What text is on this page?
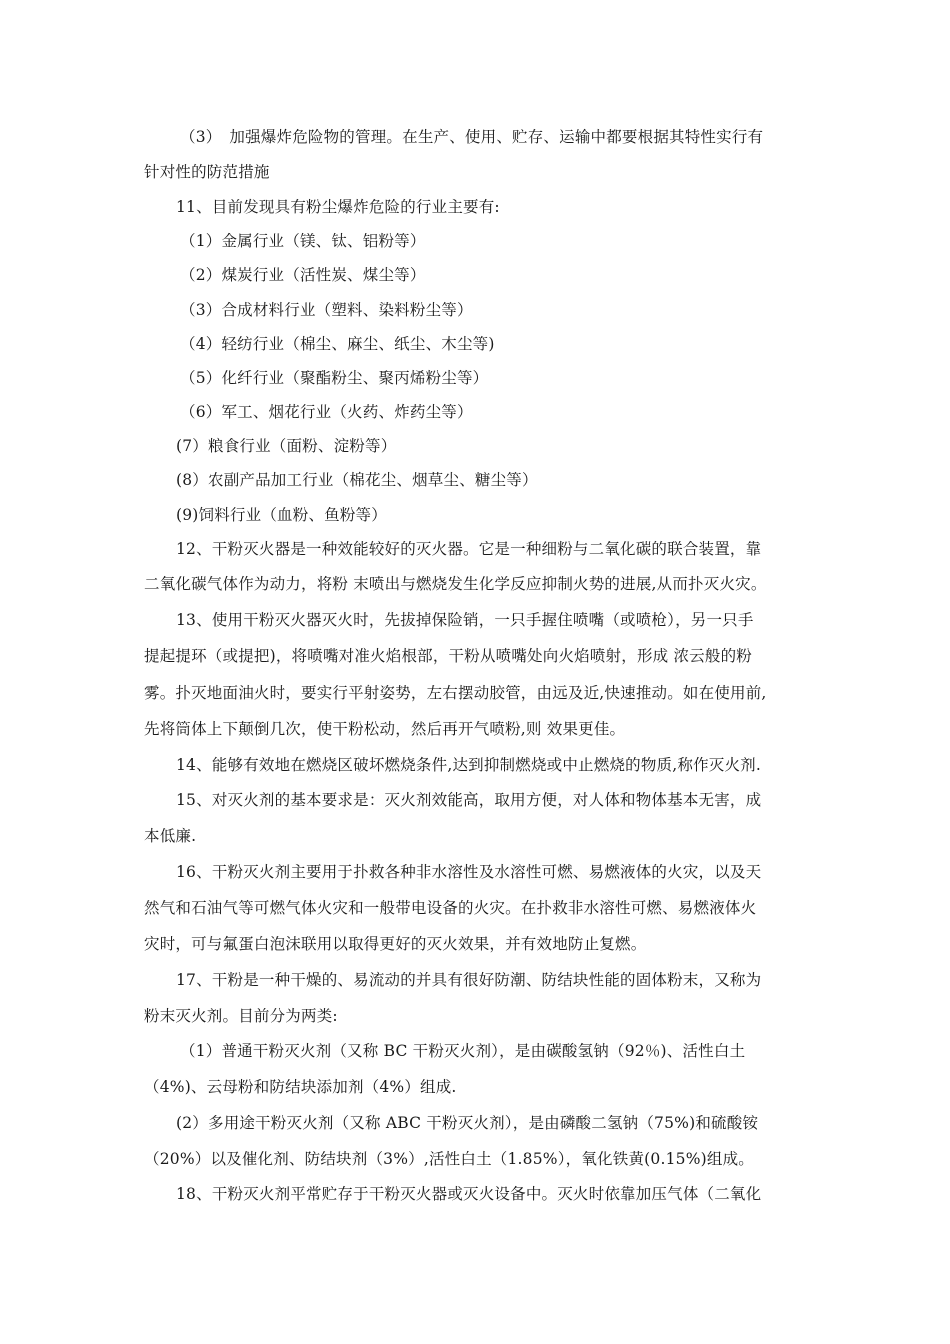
（3）　加强爆炸危险物的管理。在生产、使用、贮存、运输中都要根据其特性实行有
针对性的防范措施
11、目前发现具有粉尘爆炸危险的行业主要有:
（1）金属行业（镁、钛、铝粉等）
（2）煤炭行业（活性炭、煤尘等）
（3）合成材料行业（塑料、染料粉尘等）
（4）轻纺行业（棉尘、麻尘、纸尘、木尘等)
（5）化纤行业（聚酯粉尘、聚丙烯粉尘等）
（6）军工、烟花行业（火药、炸药尘等）
(7）粮食行业（面粉、淀粉等）
(8）农副产品加工行业（棉花尘、烟草尘、糖尘等）
(9)饲料行业（血粉、鱼粉等）
12、干粉灭火器是一种效能较好的灭火器。它是一种细粉与二氧化碳的联合装置，靠
二氧化碳气体作为动力，将粉 末喷出与燃烧发生化学反应抑制火势的进展,从而扑灭火灾。
13、使用干粉灭火器灭火时，先拔掉保险销，一只手握住喷嘴（或喷枪），另一只手
提起提环（或提把)，将喷嘴对准火焰根部，干粉从喷嘴处向火焰喷射，形成 浓云般的粉
雾。扑灭地面油火时，要实行平射姿势，左右摆动胶管，由远及近,快速推动。如在使用前,
先将筒体上下颠倒几次，使干粉松动，然后再开气喷粉,则 效果更佳。
14、能够有效地在燃烧区破坏燃烧条件,达到抑制燃烧或中止燃烧的物质,称作灭火剂.
15、对灭火剂的基本要求是：灭火剂效能高，取用方便，对人体和物体基本无害，成
本低廉.
16、干粉灭火剂主要用于扑救各种非水溶性及水溶性可燃、易燃液体的火灾，以及天
然气和石油气等可燃气体火灾和一般带电设备的火灾。在扑救非水溶性可燃、易燃液体火
灾时，可与氟蛋白泡沫联用以取得更好的灭火效果，并有效地防止复燃。
17、干粉是一种干燥的、易流动的并具有很好防潮、防结块性能的固体粉末，又称为
粉末灭火剂。目前分为两类:
（1）普通干粉灭火剂（又称 BC 干粉灭火剂），是由碳酸氢钠（92％)、活性白土
（4%)、云母粉和防结块添加剂（4%）组成.
(2）多用途干粉灭火剂（又称 ABC 干粉灭火剂），是由磷酸二氢钠（75%)和硫酸铵
（20%）以及催化剂、防结块剂（3%）,活性白土（1.85%），氧化铁黄(0.15%)组成。
18、干粉灭火剂平常贮存于干粉灭火器或灭火设备中。灭火时依靠加压气体（二氧化
